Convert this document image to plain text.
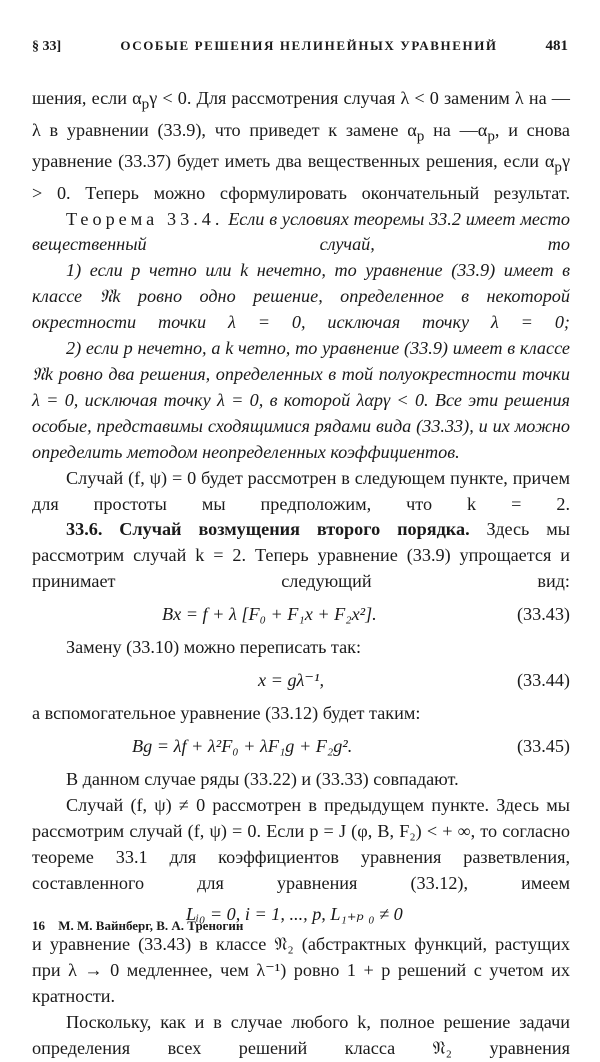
§ 33]	ОСОБЫЕ РЕШЕНИЯ НЕЛИНЕЙНЫХ УРАВНЕНИЙ	481

шения, если $\alpha_p\gamma < 0$. Для рассмотрения случая λ < 0 заменим λ на —λ в уравнении (33.9), что приведет к замене $\alpha_p$ на $—\alpha_p$, и снова уравнение (33.37) будет иметь два вещественных решения, если $\alpha_p\gamma > 0$. Теперь можно сформулировать окончательный результат.

Теорема 33.4. Если в условиях теоремы 33.2 имеет место вещественный случай, то

1) если p четно или k нечетно, то уравнение (33.9) имеет в классе 𝔑k ровно одно решение, определенное в некоторой окрестности точки λ = 0, исключая точку λ = 0;

2) если p нечетно, а k четно, то уравнение (33.9) имеет в классе 𝔑k ровно два решения, определенных в той полуокрестности точки λ = 0, исключая точку λ = 0, в которой λαpγ < 0. Все эти решения особые, представимы сходящимися рядами вида (33.33), и их можно определить методом неопределенных коэффициентов.

Случай (f, ψ) = 0 будет рассмотрен в следующем пункте, причем для простоты мы предположим, что k = 2.

33.6. Случай возмущения второго порядка. Здесь мы рассмотрим случай k = 2. Теперь уравнение (33.9) упрощается и принимает следующий вид:

Bx = f + λ [F₀ + F₁x + F₂x²].	(33.43)

Замену (33.10) можно переписать так:

x = gλ⁻¹,	(33.44)

а вспомогательное уравнение (33.12) будет таким:

Bg = λf + λ²F₀ + λF₁g + F₂g².	(33.45)

В данном случае ряды (33.22) и (33.33) совпадают.

Случай (f, ψ) ≠ 0 рассмотрен в предыдущем пункте. Здесь мы рассмотрим случай (f, ψ) = 0. Если p = J (φ, B, F₂) < + ∞, то согласно теореме 33.1 для коэффициентов уравнения разветвления, составленного для уравнения (33.12), имеем

Lᵢ₀ = 0, i = 1, ..., p, L₁₊ₚ ₀ ≠ 0

и уравнение (33.43) в классе 𝔑₂ (абстрактных функций, растущих при λ → 0 медленнее, чем λ⁻¹) ровно 1 + p решений с учетом их кратности.

Поскольку, как и в случае любого k, полное решение задачи определения всех решений класса 𝔑₂ уравнения

16 М. М. Вайнберг, В. А. Треногин
